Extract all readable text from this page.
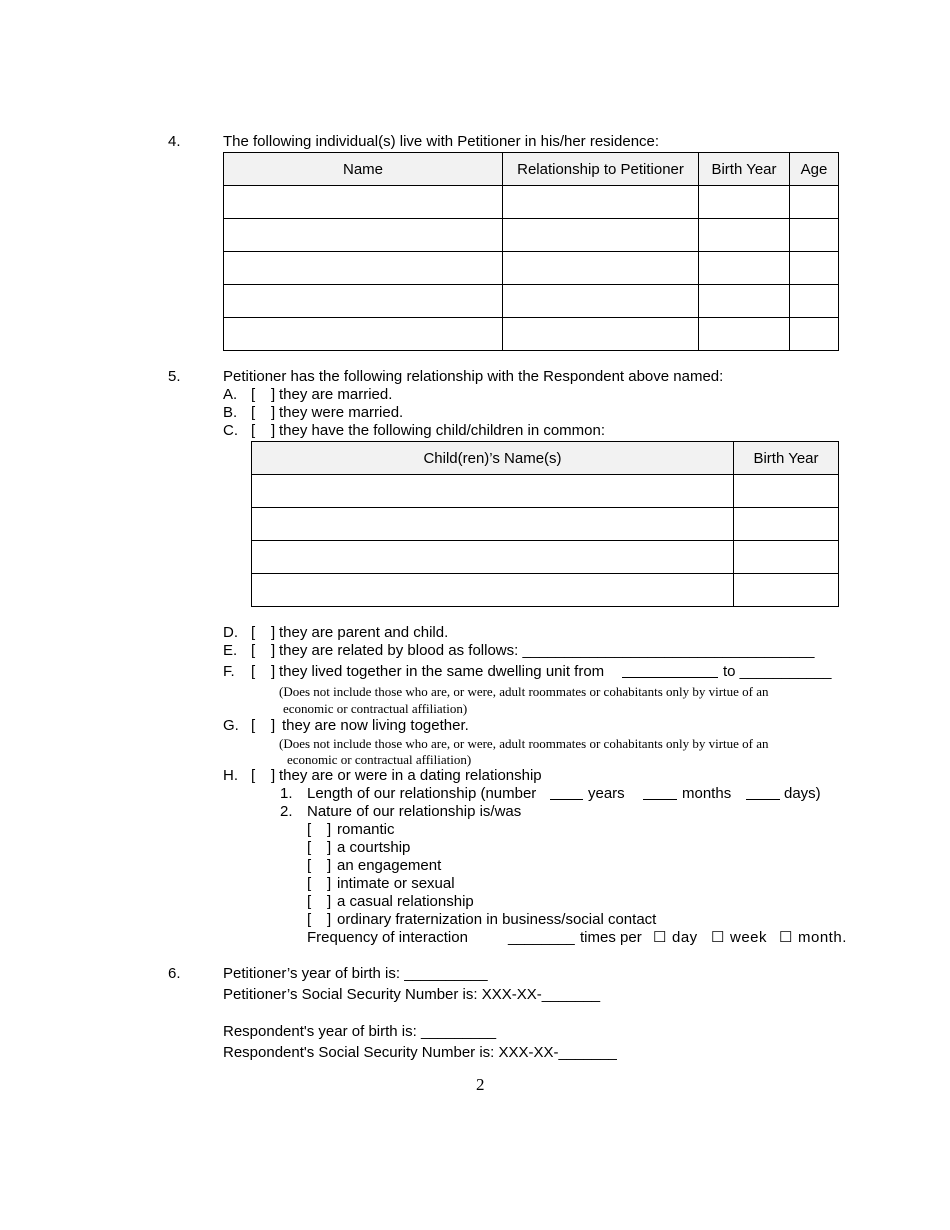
4.	The following individual(s) live with Petitioner in his/her residence:
Name	Relationship to Petitioner	Birth Year	Age

5.	Petitioner has the following relationship with the Respondent above named:
A. [ ] they are married.
B. [ ] they were married.
C. [ ] they have the following child/children in common:
Child(ren)’s Name(s)	Birth Year

D. [ ] they are parent and child.
E. [ ] they are related by blood as follows: ___________________________________
F. [ ] they lived together in the same dwelling unit from	to ___________
(Does not include those who are, or were, adult roommates or cohabitants only by virtue of an
economic or contractual affiliation)
G. [ ] they are now living together.
(Does not include those who are, or were, adult roommates or cohabitants only by virtue of an
economic or contractual affiliation)
H. [ ] they are or were in a dating relationship
1. Length of our relationship (number	years	months	days)
2. Nature of our relationship is/was
[ ] romantic
[ ] a courtship
[ ] an engagement
[ ] intimate or sexual
[ ] a casual relationship
[ ] ordinary fraternization in business/social contact
Frequency of interaction	________ times per ☐ day ☐ week ☐ month.
6.	Petitioner’s year of birth is: __________
Petitioner’s Social Security Number is: XXX-XX-_______
Respondent's year of birth is: _________
Respondent's Social Security Number is: XXX-XX-_______
2
